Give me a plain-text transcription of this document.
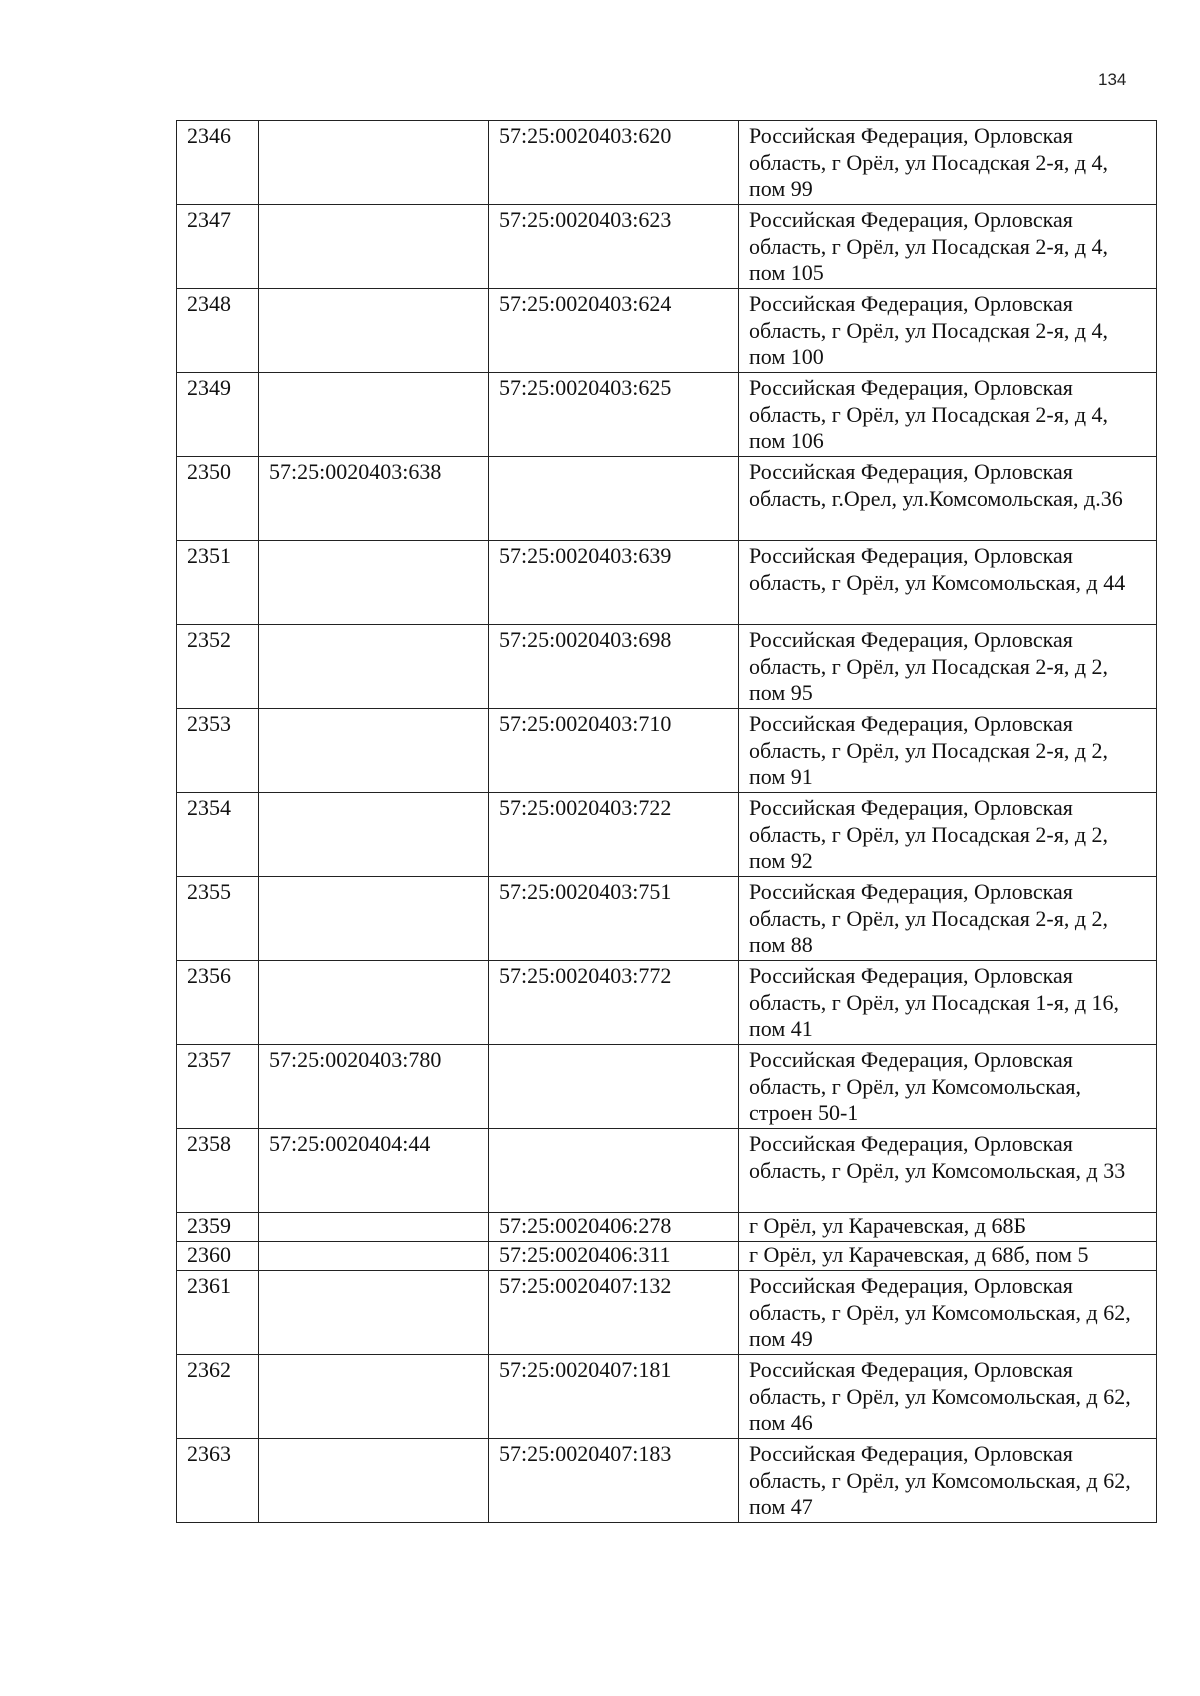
134
2346		57:25:0020403:620	Российская Федерация, Орловская область, г Орёл, ул Посадская 2-я, д 4, пом 99
2347		57:25:0020403:623	Российская Федерация, Орловская область, г Орёл, ул Посадская 2-я, д 4, пом 105
2348		57:25:0020403:624	Российская Федерация, Орловская область, г Орёл, ул Посадская 2-я, д 4, пом 100
2349		57:25:0020403:625	Российская Федерация, Орловская область, г Орёл, ул Посадская 2-я, д 4, пом 106
2350	57:25:0020403:638		Российская Федерация, Орловская область, г.Орел, ул.Комсомольская, д.36
2351		57:25:0020403:639	Российская Федерация, Орловская область, г Орёл, ул Комсомольская, д 44
2352		57:25:0020403:698	Российская Федерация, Орловская область, г Орёл, ул Посадская 2-я, д 2, пом 95
2353		57:25:0020403:710	Российская Федерация, Орловская область, г Орёл, ул Посадская 2-я, д 2, пом 91
2354		57:25:0020403:722	Российская Федерация, Орловская область, г Орёл, ул Посадская 2-я, д 2, пом 92
2355		57:25:0020403:751	Российская Федерация, Орловская область, г Орёл, ул Посадская 2-я, д 2, пом 88
2356		57:25:0020403:772	Российская Федерация, Орловская область, г Орёл, ул Посадская 1-я, д 16, пом 41
2357	57:25:0020403:780		Российская Федерация, Орловская область, г Орёл, ул Комсомольская, строен 50-1
2358	57:25:0020404:44		Российская Федерация, Орловская область, г Орёл, ул Комсомольская, д 33
2359		57:25:0020406:278	г Орёл, ул Карачевская, д 68Б
2360		57:25:0020406:311	г Орёл, ул Карачевская, д 68б, пом 5
2361		57:25:0020407:132	Российская Федерация, Орловская область, г Орёл, ул Комсомольская, д 62, пом 49
2362		57:25:0020407:181	Российская Федерация, Орловская область, г Орёл, ул Комсомольская, д 62, пом 46
2363		57:25:0020407:183	Российская Федерация, Орловская область, г Орёл, ул Комсомольская, д 62, пом 47
